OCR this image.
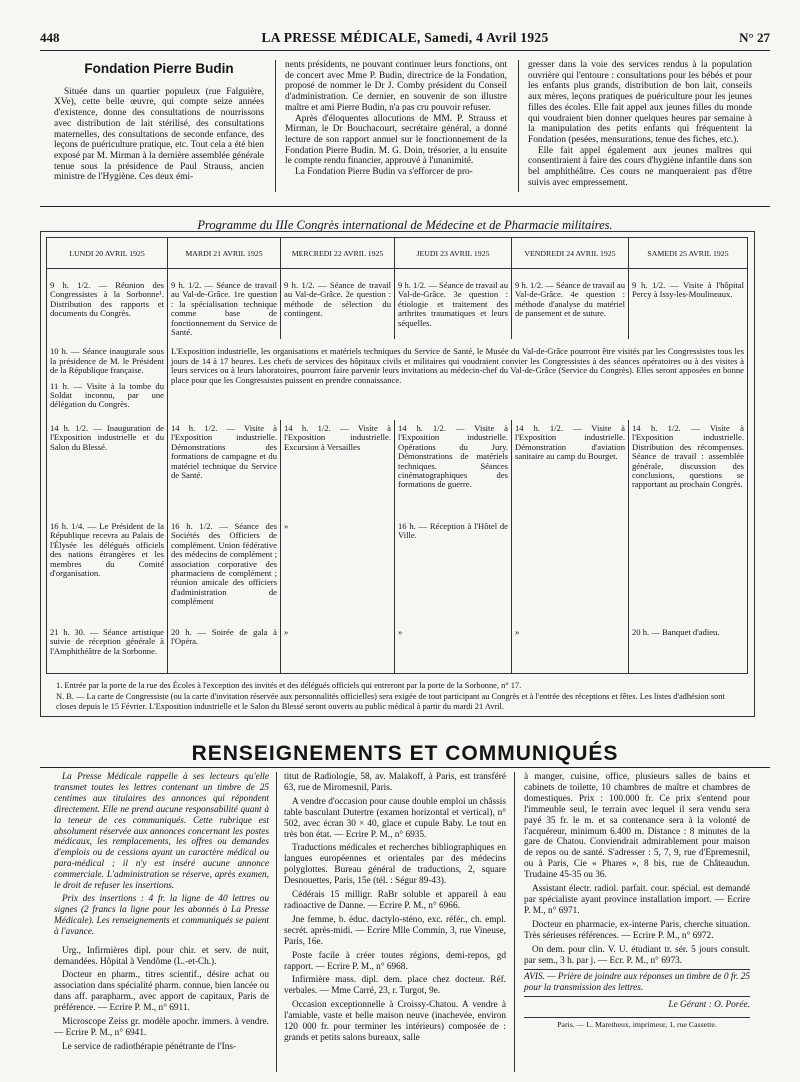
448	LA PRESSE MÉDICALE, Samedi, 4 Avril 1925	N° 27
Fondation Pierre Budin

Située dans un quartier populeux (rue Falguière, XVe), cette belle œuvre, qui compte seize années d'existence, donne des consultations de nourrissons avec distribution de lait stérilisé, des consultations maternelles, des consultations de seconde enfance, des leçons de puériculture pratique, etc. Tout cela a été bien exposé par M. Mirman à la dernière assemblée générale tenue sous la présidence de Paul Strauss, ancien ministre de l'Hygiène. Ces deux émi-

nents présidents, ne pouvant continuer leurs fonctions, ont de concert avec Mme P. Budin, directrice de la Fondation, proposé de nommer le Dr J. Comby président du Conseil d'administration. Ce dernier, en souvenir de son illustre maître et ami Pierre Budin, n'a pas cru pouvoir refuser.

Après d'éloquentes allocutions de MM. P. Strauss et Mirman, le Dr Bouchacourt, secrétaire général, a donné lecture de son rapport annuel sur le fonctionnement de la Fondation Pierre Budin. M. G. Doin, trésorier, a lu ensuite le compte rendu financier, approuvé à l'unanimité.

La Fondation Pierre Budin va s'efforcer de pro-

gresser dans la voie des services rendus à la population ouvrière qui l'entoure : consultations pour les bébés et pour les enfants plus grands, distribution de bon lait, conseils aux mères, leçons pratiques de puériculture pour les jeunes filles des écoles. Elle fait appel aux jeunes filles du monde qui voudraient bien donner quelques heures par semaine à la manipulation des petits enfants qui fréquentent la Fondation (pesées, mensurations, tenue des fiches, etc.).

Elle fait appel également aux jeunes maîtres qui consentiraient à faire des cours d'hygiène infantile dans son bel amphithéâtre. Ces cours ne manqueraient pas d'être suivis avec empressement.

Programme du IIIe Congrès international de Médecine et de Pharmacie militaires.
LUNDI 20 AVRIL 1925	MARDI 21 AVRIL 1925	MERCREDI 22 AVRIL 1925	JEUDI 23 AVRIL 1925	VENDREDI 24 AVRIL 1925	SAMEDI 25 AVRIL 1925
9 h. 1/2. — Réunion des Congressistes à la Sorbonne¹. Distribution des rapports et documents du Congrès.	9 h. 1/2. — Séance de travail au Val-de-Grâce. 1re question : la spécialisation technique comme base de fonctionnement du Service de Santé.	9 h. 1/2. — Séance de travail au Val-de-Grâce. 2e question : méthode de sélection du contingent.	9 h. 1/2. — Séance de travail au Val-de-Grâce. 3e question : étiologie et traitement des arthrites traumatiques et leurs séquelles.	9 h. 1/2. — Séance de travail au Val-de-Grâce. 4e question : méthode d'analyse du matériel de pansement et de suture.	9 h. 1/2. — Visite à l'hôpital Percy à Issy-les-Moulineaux.
10 h. — Séance inaugurale sous la présidence de M. le Président de la République française.	L'Exposition industrielle, les organisations et matériels techniques du Service de Santé, le Musée du Val-de-Grâce pourront être visités par les Congressistes tous les jours de 14 à 17 heures. Les chefs de services des hôpitaux civils et militaires qui voudraient convier les Congressistes à des séances opératoires ou à des visites à leurs services ou à leurs laboratoires, pourront faire parvenir leurs invitations au médecin-chef du Val-de-Grâce (Service du Congrès). Elles seront apposées en bonne place pour que les Congressistes puissent en prendre connaissance.				
11 h. — Visite à la tombe du Soldat inconnu, par une délégation du Congrès.					
14 h. 1/2. — Inauguration de l'Exposition industrielle et du Salon du Blessé.	14 h. 1/2. — Visite à l'Exposition industrielle. Démonstrations des formations de campagne et du matériel technique du Service de Santé.	14 h. 1/2. — Visite à l'Exposition industrielle. Excursion à Versailles	14 h. 1/2. — Visite à l'Exposition industrielle. Opérations du Jury. Démonstrations de matériels techniques. Séances cinématographiques des formations de guerre.	14 h. 1/2. — Visite à l'Exposition industrielle. Démonstration d'aviation sanitaire au camp du Bourget.	14 h. 1/2. — Visite à l'Exposition industrielle. Distribution des récompenses. Séance de travail : assemblée générale, discussion des conclusions, questions se rapportant au prochain Congrès.
16 h. 1/4. — Le Président de la République recevra au Palais de l'Élysée les délégués officiels des nations étrangères et les membres du Comité d'organisation.	16 h. 1/2. — Séance des Sociétés des Officiers de complément. Union fédérative des médecins de complément ; association corporative des pharmaciens de complément ; réunion amicale des officiers d'administration de complément	»	16 h. — Réception à l'Hôtel de Ville.		
21 h. 30. — Séance artistique suivie de réception générale à l'Amphithéâtre de la Sorbonne.	20 h. — Soirée de gala à l'Opéra.	»	»	»	20 h. — Banquet d'adieu.
1. Entrée par la porte de la rue des Écoles à l'exception des invités et des délégués officiels qui entreront par la porte de la Sorbonne, n° 17.
N. B. — La carte de Congressiste (ou la carte d'invitation réservée aux personnalités officielles) sera exigée de tout participant au Congrès et à l'entrée des réceptions et fêtes. Les listes d'adhésion sont closes depuis le 15 Février. L'Exposition industrielle et le Salon du Blessé seront ouverts au public médical à partir du mardi 21 Avril.
RENSEIGNEMENTS ET COMMUNIQUÉS

La Presse Médicale rappelle à ses lecteurs qu'elle transmet toutes les lettres contenant un timbre de 25 centimes aux titulaires des annonces qui répondent directement. Elle ne prend aucune responsabilité quant à la teneur de ces communiqués. Cette rubrique est absolument réservée aux annonces concernant les postes médicaux, les remplacements, les offres ou demandes d'emplois ou de cessions ayant un caractère médical ou para-médical ; il n'y est inséré aucune annonce commerciale. L'administration se réserve, après examen, le droit de refuser les insertions.

Prix des insertions : 4 fr. la ligne de 40 lettres ou signes (2 francs la ligne pour les abonnés à La Presse Médicale). Les renseignements et communiqués se paient à l'avance.

Urg., Infirmières dipl. pour chir. et serv. de nuit, demandées. Hôpital à Vendôme (L.-et-Ch.).

Docteur en pharm., titres scientif., désire achat ou association dans spécialité pharm. connue, bien lancée ou dans aff. parapharm., avec apport de capitaux, Paris de préférence. — Ecrire P. M., n° 6911.

Microscope Zeiss gr. modèle apochr. immers. à vendre. — Ecrire P. M., n° 6941.

Le service de radiothérapie pénétrante de l'Ins-

titut de Radiologie, 58, av. Malakoff, à Paris, est transféré 63, rue de Miromesnil, Paris.

A vendre d'occasion pour cause double emploi un châssis table basculant Dutertre (examen horizontal et vertical), n° 502, avec écran 30 × 40, glace et cupule Baby. Le tout en très bon état. — Ecrire P. M., n° 6935.

Traductions médicales et recherches bibliographiques en langues européennes et orientales par des médecins polyglottes. Bureau général de traductions, 2, square Desnouettes, Paris, 15e (tél. : Ségur 89-43).

Cédérais 15 milligr. RaBr soluble et appareil à eau radioactive de Danne. — Ecrire P. M., n° 6966.

Jne femme, b. éduc. dactylo-sténo, exc. référ., ch. empl. secrét. après-midi. — Ecrire Mlle Commin, 3, rue Vineuse, Paris, 16e.

Poste facile à créer toutes régions, demi-repos, gd rapport. — Ecrire P. M., n° 6968.

Infirmière mass. dipl. dem. place chez docteur. Réf. verbales. — Mme Carré, 23, r. Turgot, 9e.

Occasion exceptionnelle à Croissy-Chatou. A vendre à l'amiable, vaste et belle maison neuve (inachevée, environ 120 000 fr. pour terminer les intérieurs) composée de : grands et petits salons bureaux, salle

à manger, cuisine, office, plusieurs salles de bains et cabinets de toilette, 10 chambres de maître et chambres de domestiques. Prix : 100.000 fr. Ce prix s'entend pour l'immeuble seul, le terrain avec lequel il sera vendu sera payé 35 fr. le m. et sa contenance sera à la volonté de l'acquéreur, minimum 6.400 m. Distance : 8 minutes de la gare de Chatou. Conviendrait admirablement pour maison de repos ou de santé. S'adresser : 5, 7, 9, rue d'Epremesnil, ou à Paris, Cie « Phares », 8 bis, rue de Châteaudun. Trudaine 45-35 ou 36.

Assistant électr. radiol. parfait. cour. spécial. est demandé par spécialiste ayant province installation import. — Ecrire P. M., n° 6971.

Docteur en pharmacie, ex-interne Paris, cherche situation. Très sérieuses références. — Ecrire P. M., n° 6972.

On dem. pour clin. V. U. étudiant tr. sér. 5 jours consult. par sem., 3 h. par j. — Ecr. P. M., n° 6973.

AVIS. — Prière de joindre aux réponses un timbre de 0 fr. 25 pour la transmission des lettres.
Le Gérant : O. Porée.
Paris. — L. Maretheux, imprimeur, 1, rue Cassette.
